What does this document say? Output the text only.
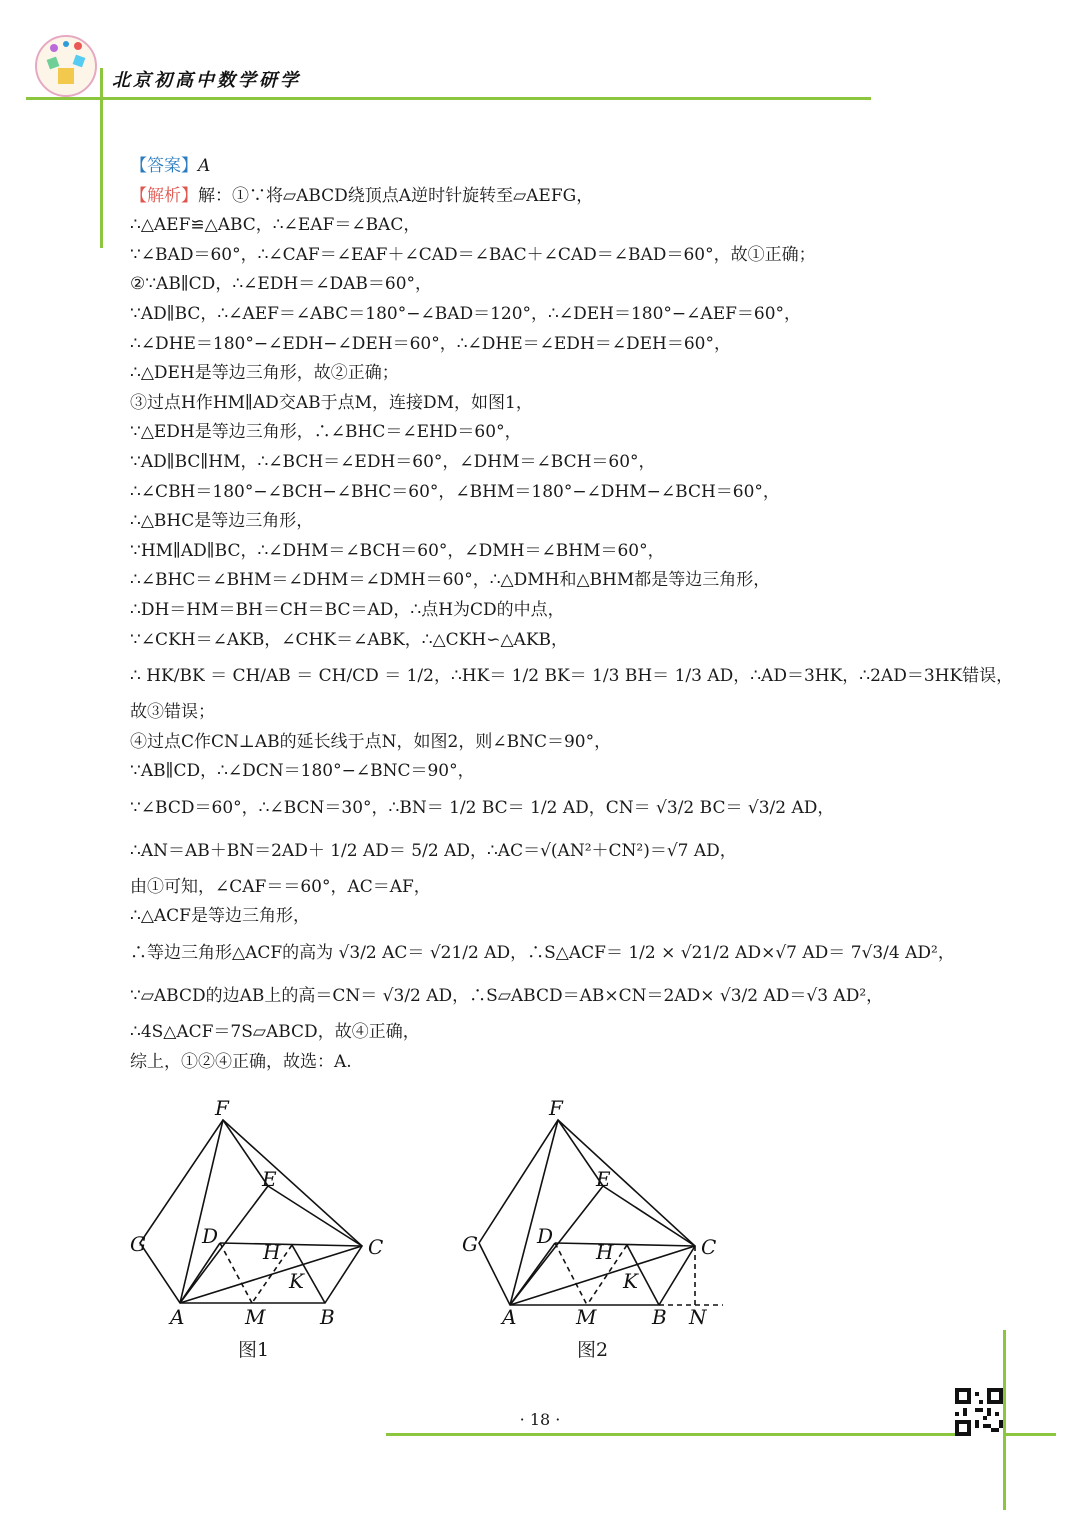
北京初高中数学研学
【答案】A
【解析】解：①∵将▱ABCD绕顶点A逆时针旋转至▱AEFG，
∴△AEF≌△ABC，∴∠EAF＝∠BAC，
∵∠BAD＝60°，∴∠CAF＝∠EAF＋∠CAD＝∠BAC＋∠CAD＝∠BAD＝60°，故①正确；
②∵AB∥CD，∴∠EDH＝∠DAB＝60°，
∵AD∥BC，∴∠AEF＝∠ABC＝180°−∠BAD＝120°，∴∠DEH＝180°−∠AEF＝60°，
∴∠DHE＝180°−∠EDH−∠DEH＝60°，∴∠DHE＝∠EDH＝∠DEH＝60°，
∴△DEH是等边三角形，故②正确；
③过点H作HM∥AD交AB于点M，连接DM，如图1，
∵△EDH是等边三角形，∴∠BHC＝∠EHD＝60°，
∵AD∥BC∥HM，∴∠BCH＝∠EDH＝60°，∠DHM＝∠BCH＝60°，
∴∠CBH＝180°−∠BCH−∠BHC＝60°，∠BHM＝180°−∠DHM−∠BCH＝60°，
∴△BHC是等边三角形，
∵HM∥AD∥BC，∴∠DHM＝∠BCH＝60°，∠DMH＝∠BHM＝60°，
∴∠BHC＝∠BHM＝∠DHM＝∠DMH＝60°，∴△DMH和△BHM都是等边三角形，
∴DH＝HM＝BH＝CH＝BC＝AD，∴点H为CD的中点，
∵∠CKH＝∠AKB，∠CHK＝∠ABK，∴△CKH∽△AKB，
∴ HK/BK ＝ CH/AB ＝ CH/CD ＝ 1/2，∴HK＝ 1/2 BK＝ 1/3 BH＝ 1/3 AD，∴AD＝3HK，∴2AD＝3HK错误，
故③错误；
④过点C作CN⊥AB的延长线于点N，如图2，则∠BNC＝90°，
∵AB∥CD，∴∠DCN＝180°−∠BNC＝90°，
∵∠BCD＝60°，∴∠BCN＝30°，∴BN＝ 1/2 BC＝ 1/2 AD，CN＝ √3/2 BC＝ √3/2 AD，
∴AN＝AB＋BN＝2AD＋ 1/2 AD＝ 5/2 AD，∴AC＝√(AN²＋CN²)＝√7 AD，
由①可知，∠CAF＝＝60°，AC＝AF，
∴△ACF是等边三角形，
∴等边三角形△ACF的高为 √3/2 AC＝ √21/2 AD，∴S△ACF＝ 1/2 × √21/2 AD×√7 AD＝ 7√3/4 AD²，
∵▱ABCD的边AB上的高＝CN＝ √3/2 AD，∴S▱ABCD＝AB×CN＝2AD× √3/2 AD＝√3 AD²，
∴4S△ACF＝7S▱ABCD，故④正确，
综上，①②④正确，故选：A.
F
E
G	D
H	C
K
A	M	B
图1
F
E
G	D
H	C
K
A	M	B N
图2
· 18 ·
